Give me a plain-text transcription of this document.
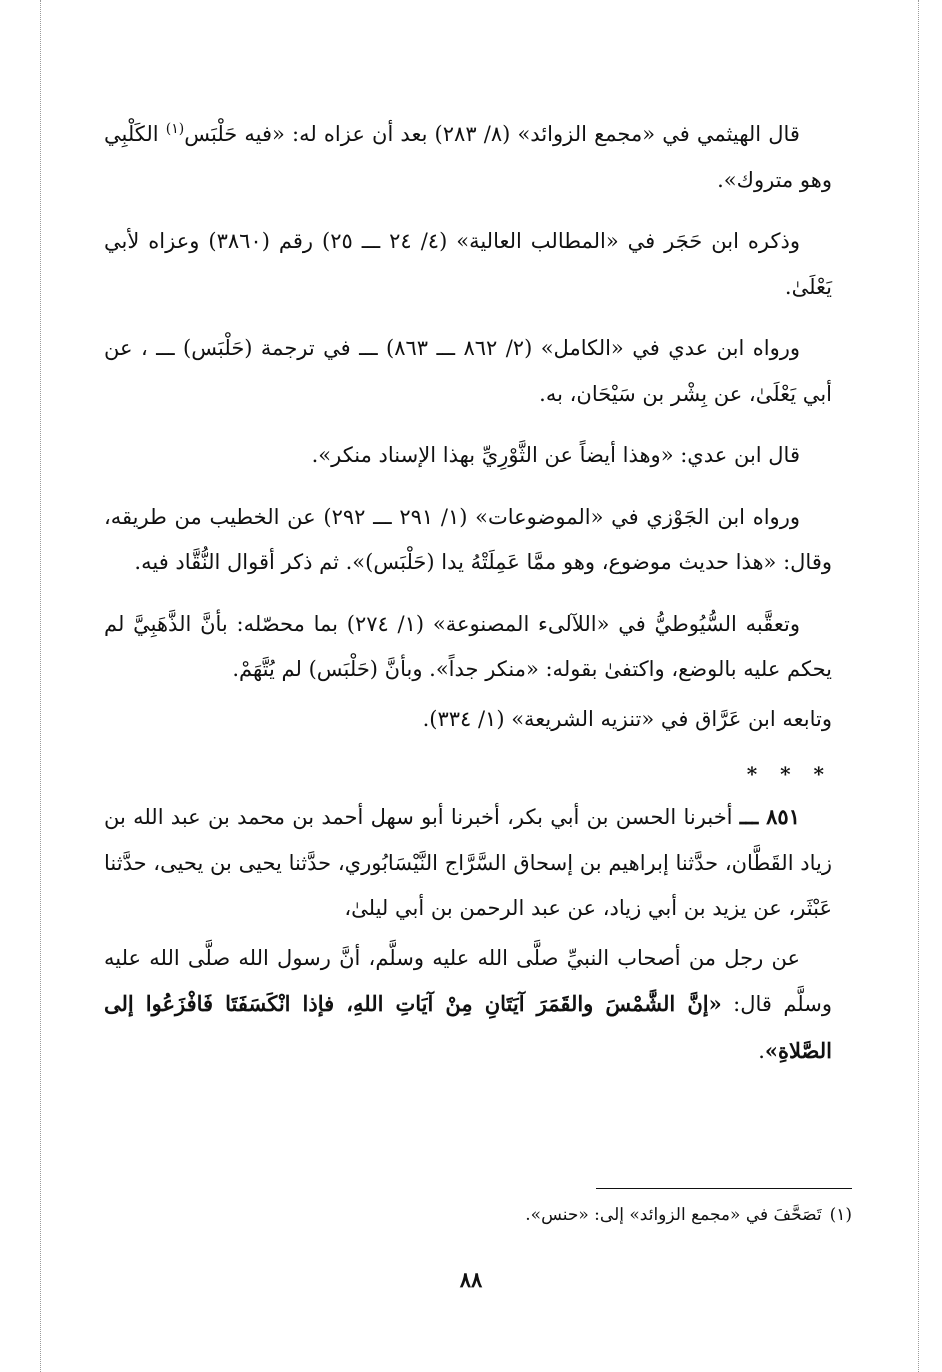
قال الهيثمي في «مجمع الزوائد» (٨/ ٢٨٣) بعد أن عزاه له: «فيه حَلْبَس$^{(١)}$ الكَلْبِي وهو متروك».

وذكره ابن حَجَر في «المطالب العالية» (٤/ ٢٤ ـــ ٢٥) رقم (٣٨٦٠) وعزاه لأبي يَعْلَىٰ.

ورواه ابن عدي في «الكامل» (٢/ ٨٦٢ ـــ ٨٦٣) ـــ في ترجمة (حَلْبَس) ـــ ، عن أبي يَعْلَىٰ، عن بِشْر بن سَيْحَان، به.

قال ابن عدي: «وهذا أيضاً عن الثَّوْرِيِّ بهذا الإسناد منكر».

ورواه ابن الجَوْزي في «الموضوعات» (١/ ٢٩١ ـــ ٢٩٢) عن الخطيب من طريقه، وقال: «هذا حديث موضوع، وهو ممَّا عَمِلَتْهُ يدا (حَلْبَس)». ثم ذكر أقوال النُّقَّاد فيه.

وتعقَّبه السُّيُوطيُّ في «اللآلىء المصنوعة» (١/ ٢٧٤) بما محصّله: بأنَّ الذَّهَبِيَّ لم يحكم عليه بالوضع، واكتفىٰ بقوله: «منكر جداً». وبأنَّ (حَلْبَس) لم يُتَّهَمْ.

وتابعه ابن عَرَّاق في «تنزيه الشريعة» (١/ ٣٣٤).

* * *

٨٥١ ـــ أخبرنا الحسن بن أبي بكر، أخبرنا أبو سهل أحمد بن محمد بن عبد الله بن زياد القَطَّان، حدَّثنا إبراهيم بن إسحاق السَّرَّاج النَّيْسَابُوري، حدَّثنا يحيى بن يحيى، حدَّثنا عَبْثَر، عن يزيد بن أبي زياد، عن عبد الرحمن بن أبي ليلىٰ،

عن رجل من أصحاب النبيِّ صلَّى الله عليه وسلَّم، أنَّ رسول الله صلَّى الله عليه وسلَّم قال: «إنَّ الشَّمْسَ والقَمَرَ آيَتَانِ مِنْ آيَاتِ اللهِ، فإذا انْكَسَفَتَا فَافْزَعُوا إلى الصَّلاةِ».

(١)تَصَحَّفَ في «مجمع الزوائد» إلى: «حنس».
٨٨
